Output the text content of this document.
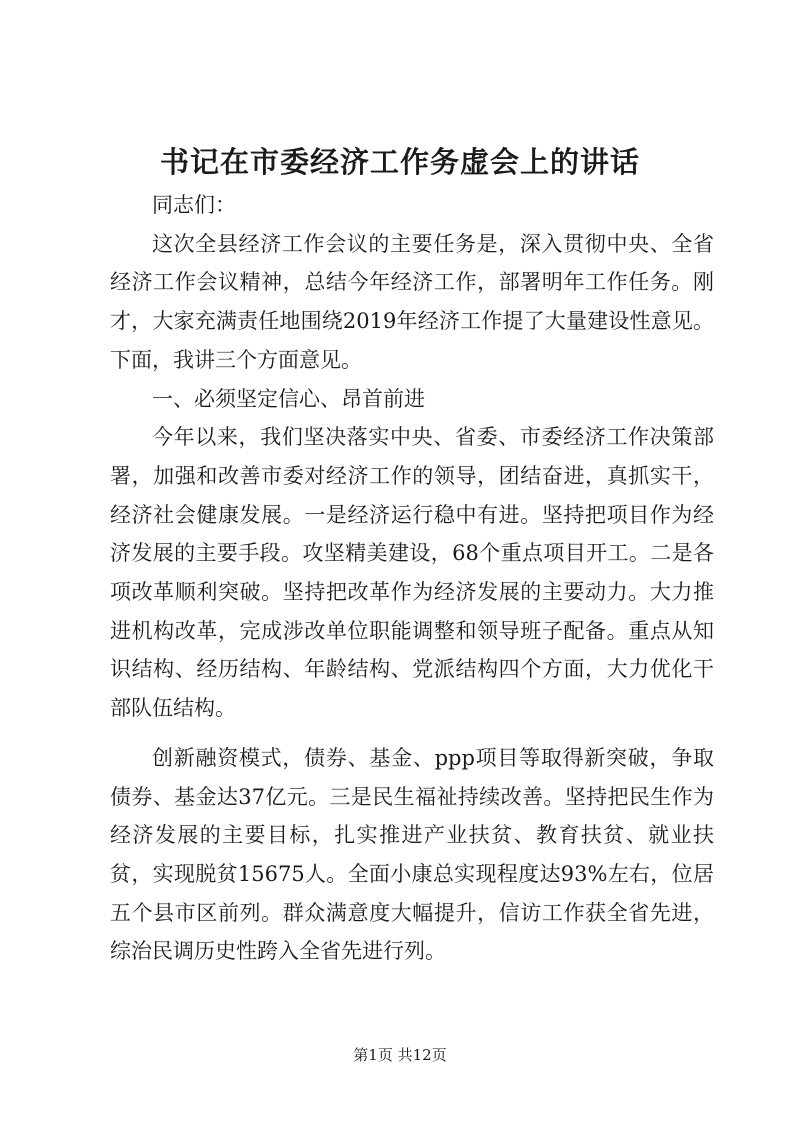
书记在市委经济工作务虚会上的讲话

同志们：

这次全县经济工作会议的主要任务是，深入贯彻中央、全省经济工作会议精神，总结今年经济工作，部署明年工作任务。刚才，大家充满责任地围绕2019年经济工作提了大量建设性意见。下面，我讲三个方面意见。

一、必须坚定信心、昂首前进

今年以来，我们坚决落实中央、省委、市委经济工作决策部署，加强和改善市委对经济工作的领导，团结奋进，真抓实干，经济社会健康发展。一是经济运行稳中有进。坚持把项目作为经济发展的主要手段。攻坚精美建设，68个重点项目开工。二是各项改革顺利突破。坚持把改革作为经济发展的主要动力。大力推进机构改革，完成涉改单位职能调整和领导班子配备。重点从知识结构、经历结构、年龄结构、党派结构四个方面，大力优化干部队伍结构。

创新融资模式，债券、基金、ppp项目等取得新突破，争取债券、基金达37亿元。三是民生福祉持续改善。坚持把民生作为经济发展的主要目标，扎实推进产业扶贫、教育扶贫、就业扶贫，实现脱贫15675人。全面小康总实现程度达93%左右，位居五个县市区前列。群众满意度大幅提升，信访工作获全省先进，综治民调历史性跨入全省先进行列。

第1页 共12页
